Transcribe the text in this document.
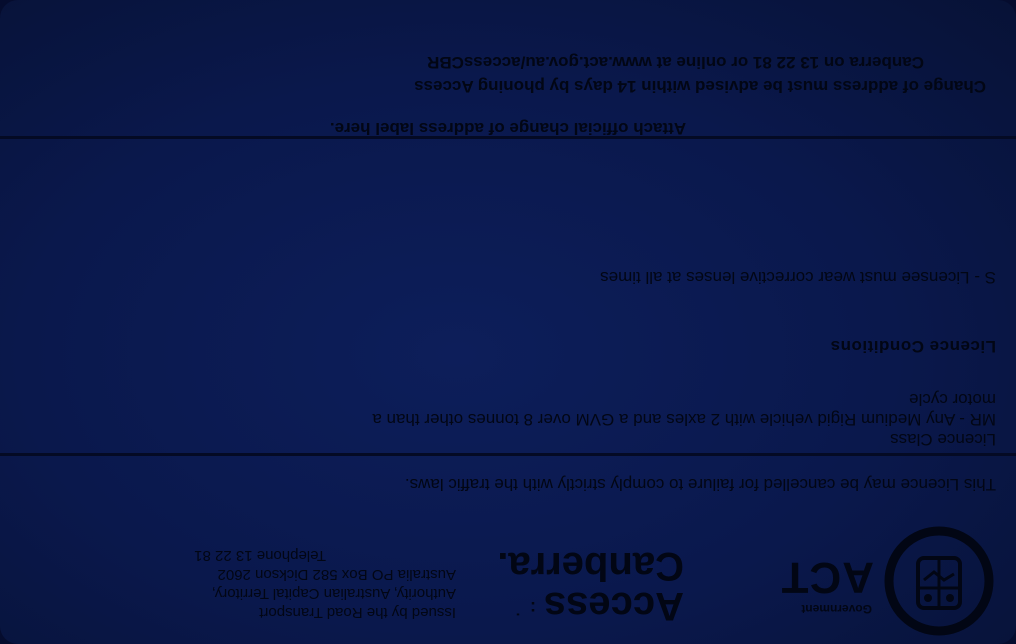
Government
ACT
Access
Canberra.
: ˙
Issued by the Road Transport
Authority, Australian Capital Territory,
Australia PO Box 582 Dickson 2602
Telephone 13 22 81
This Licence may be cancelled for failure to comply strictly with the traffic laws.
Licence Class
MR - Any Medium Rigid vehicle with 2 axles and a GVM over 8 tonnes other than a motor cycle
Licence Conditions
S - Licensee must wear corrective lenses at all times
Attach official change of address label here.
Change of address must be advised within 14 days by phoning Access
Canberra on 13 22 81 or online at www.act.gov.au/accessCBR
